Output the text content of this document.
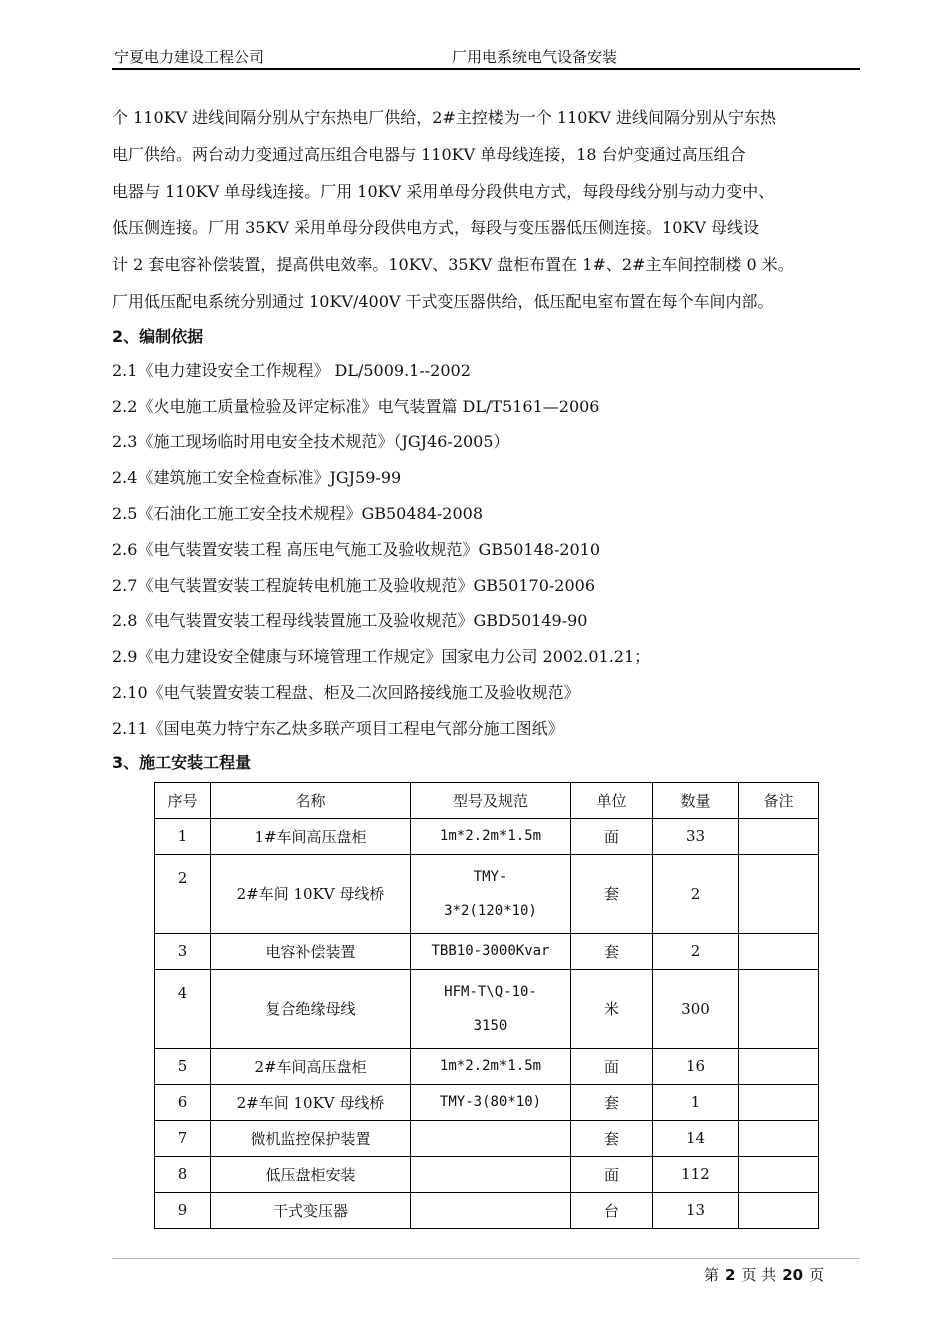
宁夏电力建设工程公司	厂用电系统电气设备安装

个 110KV 进线间隔分别从宁东热电厂供给，2#主控楼为一个 110KV 进线间隔分别从宁东热

电厂供给。两台动力变通过高压组合电器与 110KV 单母线连接，18 台炉变通过高压组合

电器与 110KV 单母线连接。厂用 10KV 采用单母分段供电方式，每段母线分别与动力变中、

低压侧连接。厂用 35KV 采用单母分段供电方式，每段与变压器低压侧连接。10KV 母线设

计 2 套电容补偿装置，提高供电效率。10KV、35KV 盘柜布置在 1#、2#主车间控制楼 0 米。

厂用低压配电系统分别通过 10KV/400V 干式变压器供给，低压配电室布置在每个车间内部。

2、编制依据

2.1《电力建设安全工作规程》 DL/5009.1--2002
2.2《火电施工质量检验及评定标准》电气装置篇 DL/T5161—2006
2.3《施工现场临时用电安全技术规范》（JGJ46-2005）
2.4《建筑施工安全检查标准》JGJ59-99
2.5《石油化工施工安全技术规程》GB50484-2008
2.6《电气装置安装工程 高压电气施工及验收规范》GB50148-2010
2.7《电气装置安装工程旋转电机施工及验收规范》GB50170-2006
2.8《电气装置安装工程母线装置施工及验收规范》GBD50149-90
2.9《电力建设安全健康与环境管理工作规定》国家电力公司 2002.01.21；
2.10《电气装置安装工程盘、柜及二次回路接线施工及验收规范》
2.11《国电英力特宁东乙炔多联产项目工程电气部分施工图纸》

3、施工安装工程量

序号	名称	型号及规范	单位	数量	备注
1	1#车间高压盘柜	1m*2.2m*1.5m	面	33	
2	2#车间 10KV 母线桥	TMY-
3*2(120*10)	套	2	
3	电容补偿装置	TBB10-3000Kvar	套	2	
4	复合绝缘母线	HFM-T\Q-10-
3150	米	300	
5	2#车间高压盘柜	1m*2.2m*1.5m	面	16	
6	2#车间 10KV 母线桥	TMY-3(80*10)	套	1	
7	微机监控保护装置		套	14	
8	低压盘柜安装		面	112	
9	干式变压器		台	13	
第 2 页 共 20 页
